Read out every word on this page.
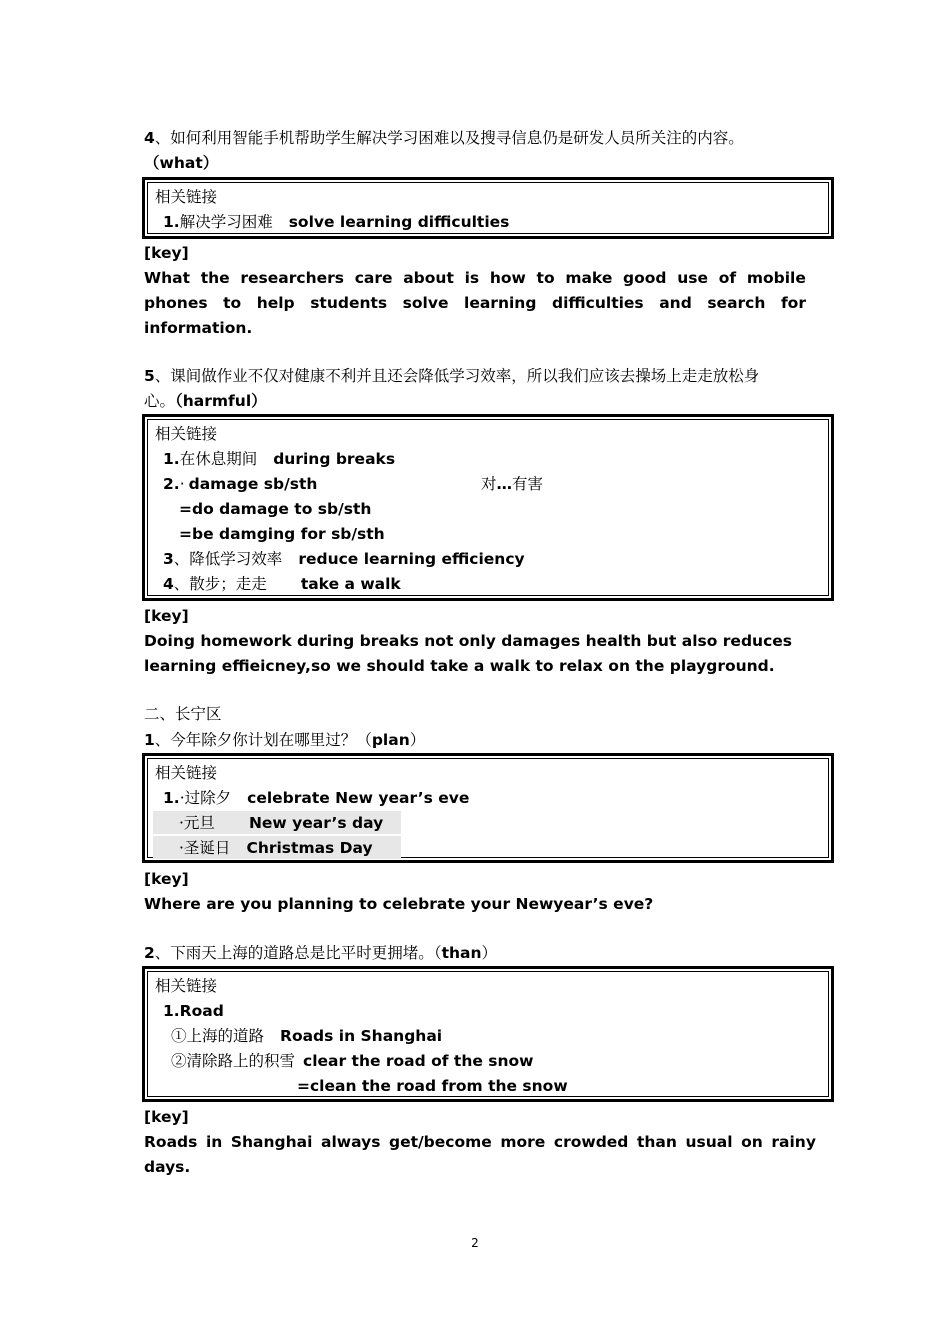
4、如何利用智能手机帮助学生解决学习困难以及搜寻信息仍是研发人员所关注的内容。
（what）
相关链接
1.解决学习困难 solve learning difficulties
[key]
What the researchers care about is how to make good use of mobile
phones to help students solve learning difficulties and search for
information.
5、课间做作业不仅对健康不利并且还会降低学习效率，所以我们应该去操场上走走放松身
心。（harmful）
相关链接
1.在休息期间 during breaks
2.· damage sb/sth	对…有害
=do damage to sb/sth
=be damging for sb/sth
3、降低学习效率 reduce learning efficiency
4、散步；走走 take a walk
[key]
Doing homework during breaks not only damages health but also reduces
learning effieicney,so we should take a walk to relax on the playground.
二、长宁区
1、今年除夕你计划在哪里过？（plan）
相关链接
1.·过除夕 celebrate New year’s eve
·元旦 New year’s day
·圣诞日 Christmas Day
[key]
Where are you planning to celebrate your Newyear’s eve?
2、下雨天上海的道路总是比平时更拥堵。（than）
相关链接
1.Road
①上海的道路 Roads in Shanghai
②清除路上的积雪 clear the road of the snow
=clean the road from the snow
[key]
Roads in Shanghai always get/become more crowded than usual on rainy
days.
2
